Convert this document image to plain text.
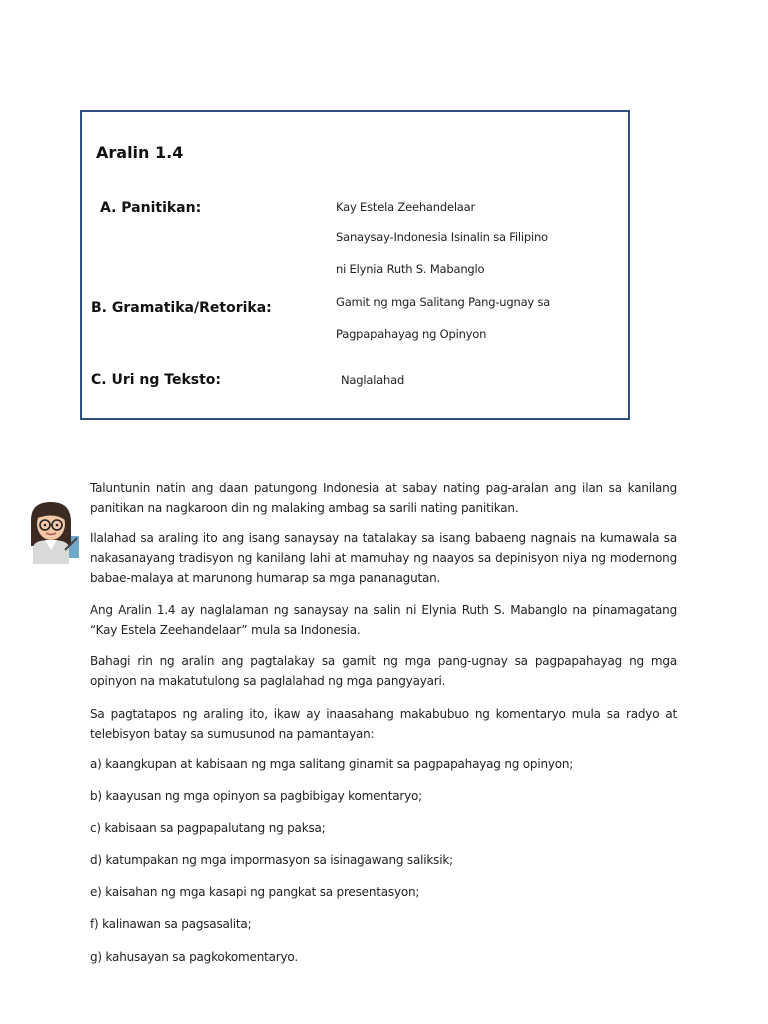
Aralin 1.4
A. Panitikan:	Kay Estela Zeehandelaar
Sanaysay-Indonesia Isinalin sa Filipino
ni Elynia Ruth S. Mabanglo
B. Gramatika/Retorika:	Gamit ng mga Salitang Pang-ugnay sa
Pagpapahayag ng Opinyon
C. Uri ng Teksto:	Naglalahad
Taluntunin natin ang daan patungong Indonesia at sabay nating pag-aralan ang ilan sa kanilang panitikan na nagkaroon din ng malaking ambag sa sarili nating panitikan.
Ilalahad sa araling ito ang isang sanaysay na tatalakay sa isang babaeng nagnais na kumawala sa nakasanayang tradisyon ng kanilang lahi at mamuhay ng naayos sa depinisyon niya ng modernong babae-malaya at marunong humarap sa mga pananagutan.
Ang Aralin 1.4 ay naglalaman ng sanaysay na salin ni Elynia Ruth S. Mabanglo na pinamagatang “Kay Estela Zeehandelaar” mula sa Indonesia.
Bahagi rin ng aralin ang pagtalakay sa gamit ng mga pang-ugnay sa pagpapahayag ng mga opinyon na makatutulong sa paglalahad ng mga pangyayari.
Sa pagtatapos ng araling ito, ikaw ay inaasahang makabubuo ng komentaryo mula sa radyo at telebisyon batay sa sumusunod na pamantayan:
a) kaangkupan at kabisaan ng mga salitang ginamit sa pagpapahayag ng opinyon;
b) kaayusan ng mga opinyon sa pagbibigay komentaryo;
c) kabisaan sa pagpapalutang ng paksa;
d) katumpakan ng mga impormasyon sa isinagawang saliksik;
e) kaisahan ng mga kasapi ng pangkat sa presentasyon;
f) kalinawan sa pagsasalita;
g) kahusayan sa pagkokomentaryo.
